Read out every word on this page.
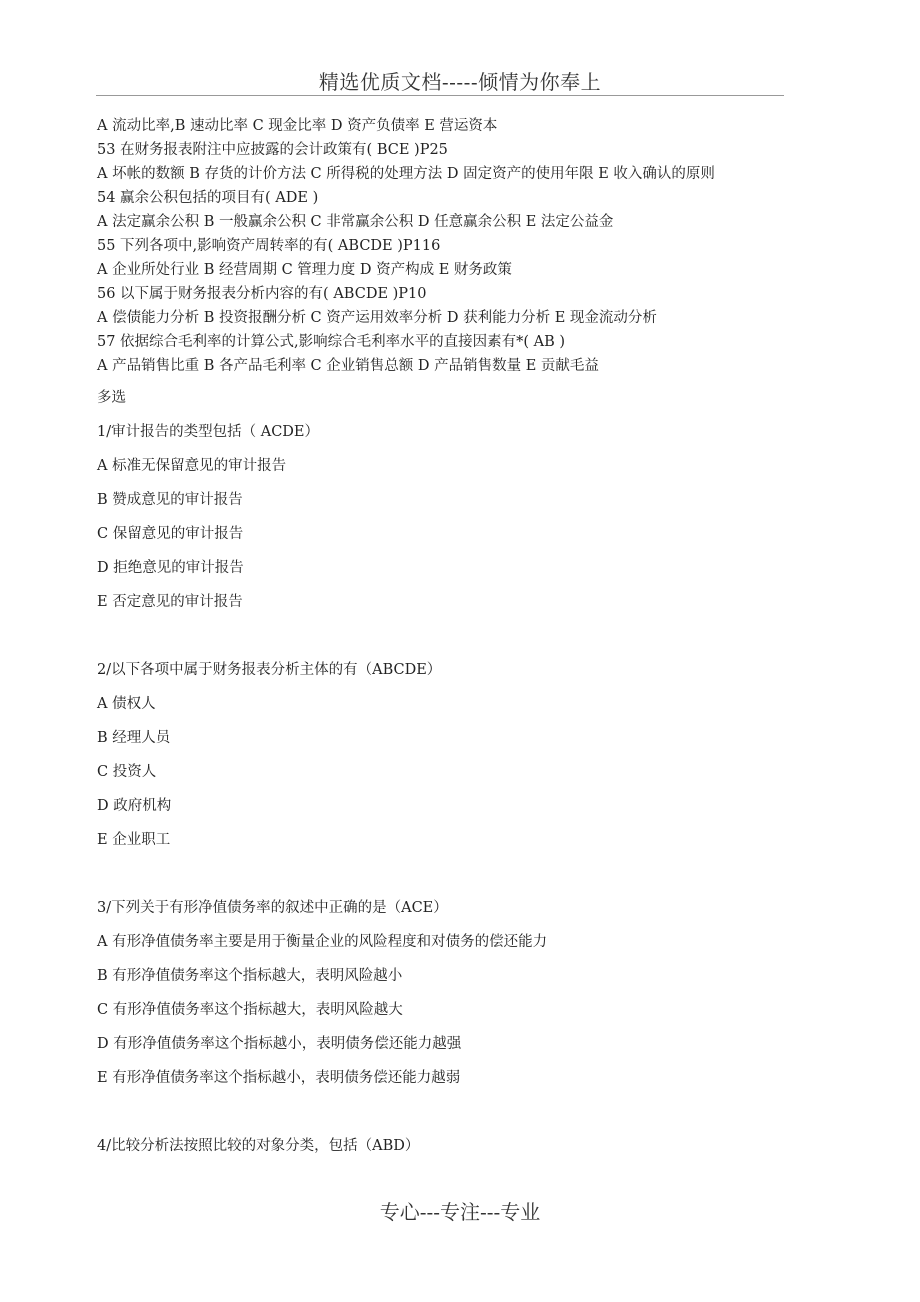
精选优质文档-----倾情为你奉上
A 流动比率,B 速动比率 C 现金比率 D 资产负债率 E 营运资本
53 在财务报表附注中应披露的会计政策有( BCE )P25
A 坏帐的数额 B 存货的计价方法 C 所得税的处理方法 D 固定资产的使用年限 E 收入确认的原则
54 赢余公积包括的项目有( ADE )
A 法定赢余公积 B 一般赢余公积 C 非常赢余公积 D 任意赢余公积 E 法定公益金
55 下列各项中,影响资产周转率的有( ABCDE )P116
A 企业所处行业 B 经营周期 C 管理力度 D 资产构成 E 财务政策
56 以下属于财务报表分析内容的有( ABCDE )P10
A 偿债能力分析 B 投资报酬分析 C 资产运用效率分析 D 获利能力分析 E 现金流动分析
57 依据综合毛利率的计算公式,影响综合毛利率水平的直接因素有*( AB )
A 产品销售比重 B 各产品毛利率 C 企业销售总额 D 产品销售数量 E 贡献毛益
多选
1/审计报告的类型包括（ ACDE）
A 标准无保留意见的审计报告
B 赞成意见的审计报告
C 保留意见的审计报告
D 拒绝意见的审计报告
E 否定意见的审计报告
2/以下各项中属于财务报表分析主体的有（ABCDE）
A 债权人
B 经理人员
C 投资人
D 政府机构
E 企业职工
3/下列关于有形净值债务率的叙述中正确的是（ACE）
A 有形净值债务率主要是用于衡量企业的风险程度和对债务的偿还能力
B 有形净值债务率这个指标越大，表明风险越小
C 有形净值债务率这个指标越大，表明风险越大
D 有形净值债务率这个指标越小，表明债务偿还能力越强
E 有形净值债务率这个指标越小，表明债务偿还能力越弱
4/比较分析法按照比较的对象分类，包括（ABD）
专心---专注---专业
